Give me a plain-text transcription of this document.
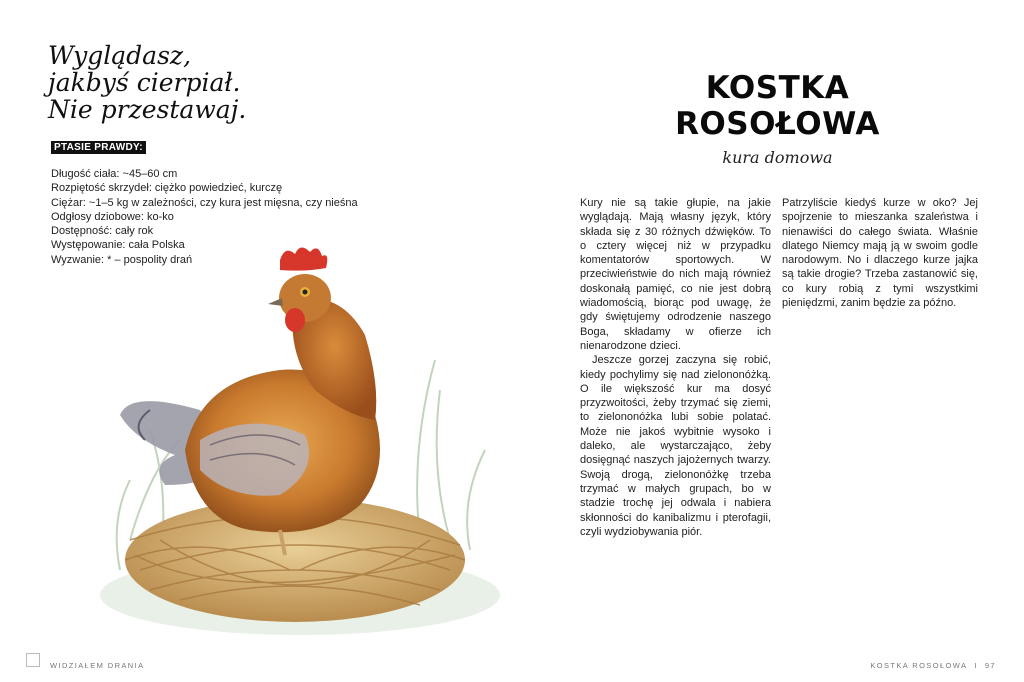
Wyglądasz,
jakbyś cierpiał.
Nie przestawaj.
PTASIE PRAWDY:
Długość ciała: ~45–60 cm
Rozpiętość skrzydeł: ciężko powiedzieć, kurczę
Ciężar: ~1–5 kg w zależności, czy kura jest mięsna, czy nieśna
Odgłosy dziobowe: ko-ko
Dostępność: cały rok
Występowanie: cała Polska
Wyzwanie: * – pospolity drań
KOSTKA
ROSOŁOWA
kura domowa

Kury nie są takie głupie, na jakie wyglądają. Mają własny język, który składa się z 30 różnych dźwięków. To o cztery więcej niż w przypadku komentatorów sportowych. W przeciwieństwie do nich mają również doskonałą pamięć, co nie jest dobrą wiadomością, biorąc pod uwagę, że gdy świętujemy odrodzenie naszego Boga, składamy w ofierze ich nienarodzone dzieci.

Jeszcze gorzej zaczyna się robić, kiedy pochylimy się nad zielononóżką. O ile większość kur ma dosyć przyzwoitości, żeby trzymać się ziemi, to zielononóżka lubi sobie polatać. Może nie jakoś wybitnie wysoko i daleko, ale wystarczająco, żeby dosięgnąć naszych jajożernych twarzy. Swoją drogą, zielononóżkę trzeba trzymać w małych grupach, bo w stadzie trochę jej odwala i nabiera skłonności do kanibalizmu i pterofagii, czyli wydziobywania piór.

Patrzyliście kiedyś kurze w oko? Jej spojrzenie to mieszanka szaleństwa i nienawiści do całego świata. Właśnie dlatego Niemcy mają ją w swoim godle narodowym. No i dlaczego kurze jajka są takie drogie? Trzeba zastanowić się, co kury robią z tymi wszystkimi pieniędzmi, zanim będzie za późno.

WIDZIAŁEM DRANIA	KOSTKA ROSOŁOWA I 97
